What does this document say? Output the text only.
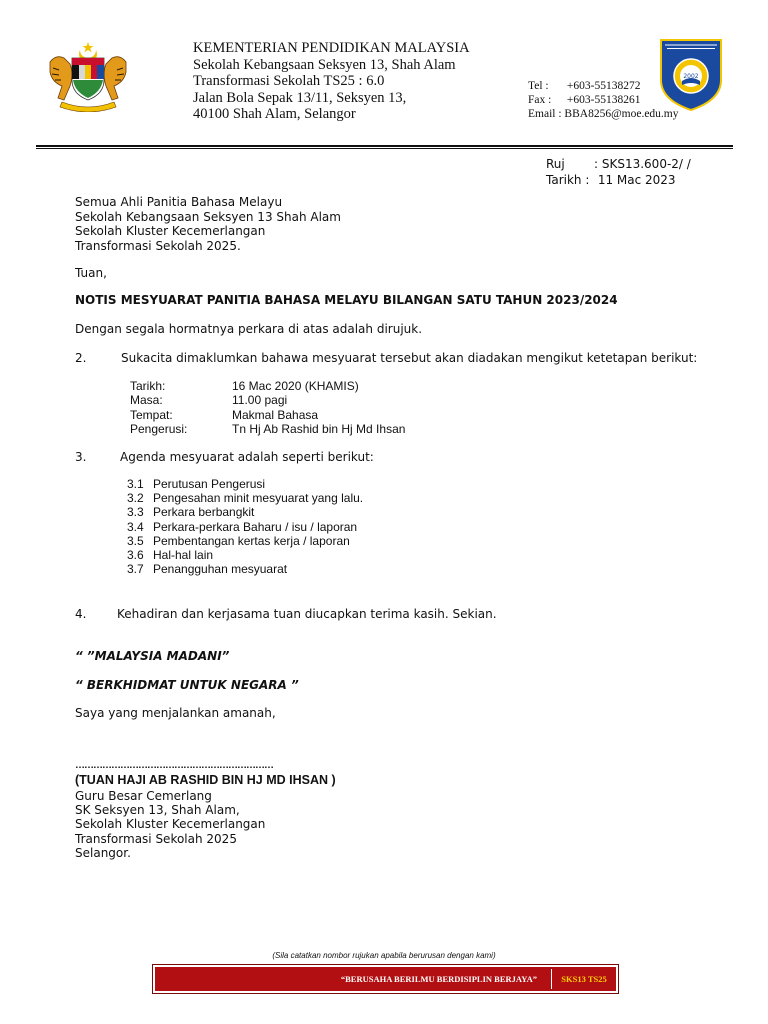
2002
KEMENTERIAN PENDIDIKAN MALAYSIA
Sekolah Kebangsaan Seksyen 13, Shah Alam
Transformasi Sekolah TS25 : 6.0
Jalan Bola Sepak 13/11, Seksyen 13,
40100 Shah Alam, Selangor
Tel : +603-55138272
Fax : +603-55138261
Email : BBA8256@moe.edu.my
Ruj : SKS13.600-2/ /
Tarikh : 11 Mac 2023
Semua Ahli Panitia Bahasa Melayu
Sekolah Kebangsaan Seksyen 13 Shah Alam
Sekolah Kluster Kecemerlangan
Transformasi Sekolah 2025.
Tuan,
NOTIS MESYUARAT PANITIA BAHASA MELAYU BILANGAN SATU TAHUN 2023/2024
Dengan segala hormatnya perkara di atas adalah dirujuk.
2.	Sukacita dimaklumkan bahawa mesyuarat tersebut akan diadakan mengikut ketetapan berikut:
Tarikh:	16 Mac 2020 (KHAMIS)
Masa:	11.00 pagi
Tempat:	Makmal Bahasa
Pengerusi:	Tn Hj Ab Rashid bin Hj Md Ihsan
3.	Agenda mesyuarat adalah seperti berikut:
3.1 Perutusan Pengerusi
3.2 Pengesahan minit mesyuarat yang lalu.
3.3 Perkara berbangkit
3.4 Perkara-perkara Baharu / isu / laporan
3.5 Pembentangan kertas kerja / laporan
3.6 Hal-hal lain
3.7 Penangguhan mesyuarat
4.	Kehadiran dan kerjasama tuan diucapkan terima kasih. Sekian.
“ ”MALAYSIA MADANI”
“ BERKHIDMAT UNTUK NEGARA ”
Saya yang menjalankan amanah,
…………………………………………………………
(TUAN HAJI AB RASHID BIN HJ MD IHSAN )
Guru Besar Cemerlang
SK Seksyen 13, Shah Alam,
Sekolah Kluster Kecemerlangan
Transformasi Sekolah 2025
Selangor.
(Sila catatkan nombor rujukan apabila berurusan dengan kami)
“BERUSAHA BERILMU BERDISIPLIN BERJAYA”	SKS13 TS25
